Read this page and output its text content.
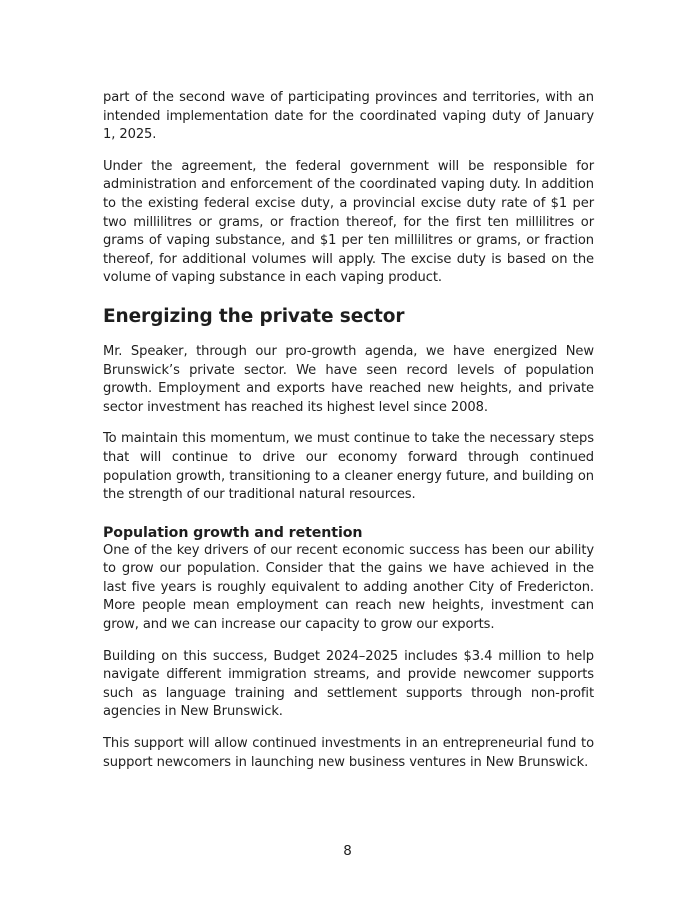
part of the second wave of participating provinces and territories, with an intended implementation date for the coordinated vaping duty of January 1, 2025.

Under the agreement, the federal government will be responsible for administration and enforcement of the coordinated vaping duty. In addition to the existing federal excise duty, a provincial excise duty rate of $1 per two millilitres or grams, or fraction thereof, for the first ten millilitres or grams of vaping substance, and $1 per ten millilitres or grams, or fraction thereof, for additional volumes will apply. The excise duty is based on the volume of vaping substance in each vaping product.

Energizing the private sector

Mr. Speaker, through our pro-growth agenda, we have energized New Brunswick’s private sector. We have seen record levels of population growth. Employment and exports have reached new heights, and private sector investment has reached its highest level since 2008.

To maintain this momentum, we must continue to take the necessary steps that will continue to drive our economy forward through continued population growth, transitioning to a cleaner energy future, and building on the strength of our traditional natural resources.

Population growth and retention

One of the key drivers of our recent economic success has been our ability to grow our population. Consider that the gains we have achieved in the last five years is roughly equivalent to adding another City of Fredericton. More people mean employment can reach new heights, investment can grow, and we can increase our capacity to grow our exports.

Building on this success, Budget 2024–2025 includes $3.4 million to help navigate different immigration streams, and provide newcomer supports such as language training and settlement supports through non-profit agencies in New Brunswick.

This support will allow continued investments in an entrepreneurial fund to support newcomers in launching new business ventures in New Brunswick.

8
